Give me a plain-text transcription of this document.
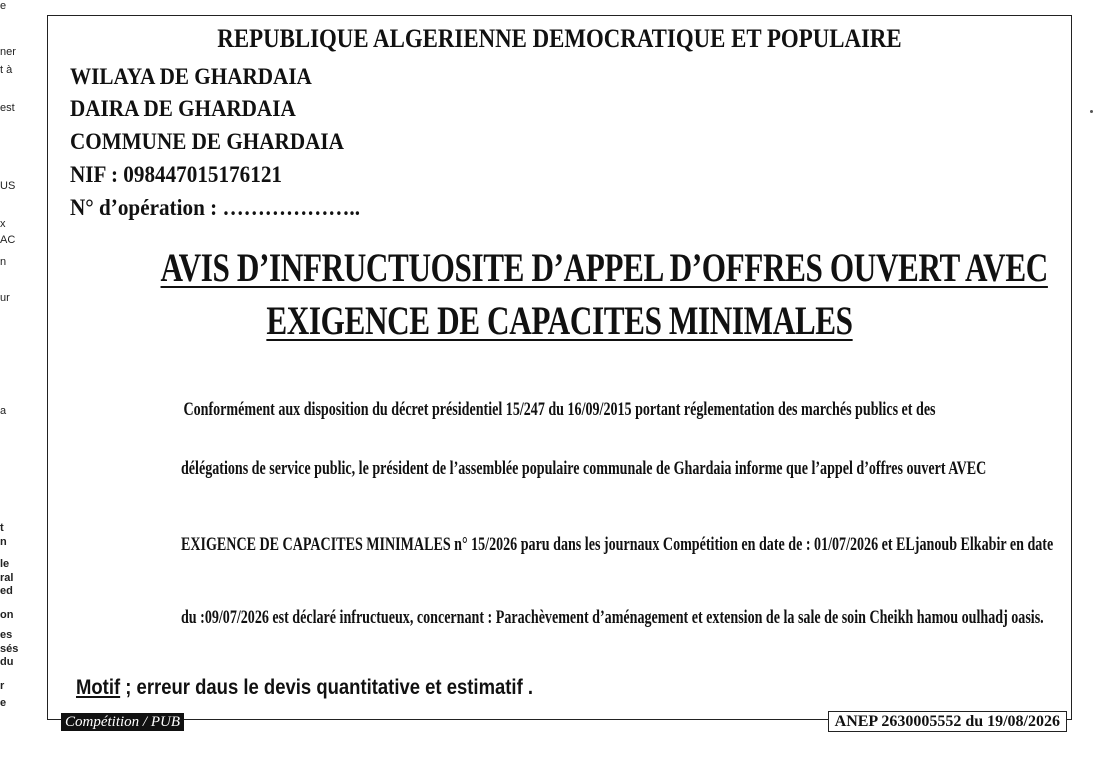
e
ner
t à
est
US
x
AC
n
ur
a
t
n
le
ral
ed
on
es
sés
du
r
e
REPUBLIQUE ALGERIENNE DEMOCRATIQUE ET POPULAIRE
WILAYA DE GHARDAIA
DAIRA DE GHARDAIA
COMMUNE DE GHARDAIA
NIF : 098447015176121
N° d’opération : ………………..
AVIS D’INFRUCTUOSITE D’APPEL D’OFFRES OUVERT AVEC
EXIGENCE DE CAPACITES MINIMALES
Conformément aux disposition du décret présidentiel 15/247 du 16/09/2015 portant réglementation des marchés publics et des
délégations de service public, le président de l’assemblée populaire communale de Ghardaia informe que l’appel d’offres ouvert AVEC
EXIGENCE DE CAPACITES MINIMALES n° 15/2026 paru dans les journaux Compétition en date de : 01/07/2026 et ELjanoub Elkabir en date
du :09/07/2026 est déclaré infructueux, concernant : Parachèvement d’aménagement et extension de la sale de soin Cheikh hamou oulhadj oasis.
Motif ; erreur daus le devis quantitative et estimatif .
Compétition / PUB	ANEP 2630005552 du 19/08/2026
